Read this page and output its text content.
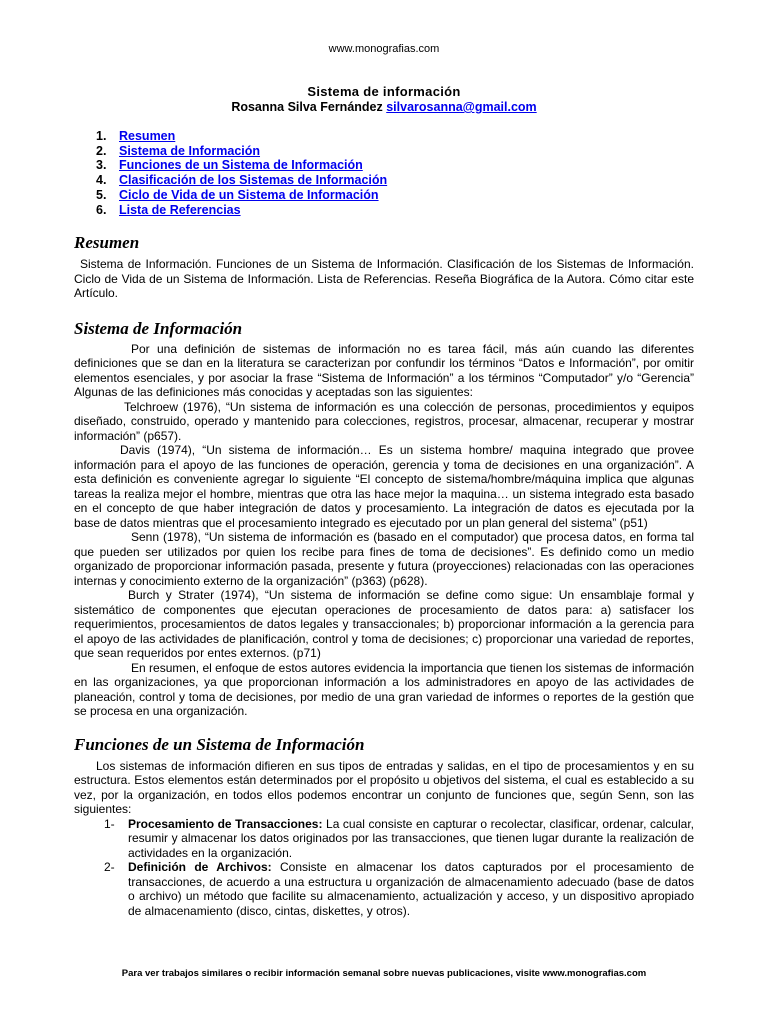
www.monografias.com
Sistema de información
Rosanna Silva Fernández silvarosanna@gmail.com
1.	Resumen
2.	Sistema de Información
3.	Funciones de un Sistema de Información
4.	Clasificación de los Sistemas de Información
5.	Ciclo de Vida de un Sistema de Información
6.	Lista de Referencias
Resumen

Sistema de Información. Funciones de un Sistema de Información. Clasificación de los Sistemas de Información. Ciclo de Vida de un Sistema de Información. Lista de Referencias. Reseña Biográfica de la Autora. Cómo citar este Artículo.

Sistema de Información

Por una definición de sistemas de información no es tarea fácil, más aún cuando las diferentes definiciones que se dan en la literatura se caracterizan por confundir los términos “Datos e Información”, por omitir elementos esenciales, y por asociar la frase “Sistema de Información” a los términos “Computador” y/o “Gerencia” Algunas de las definiciones más conocidas y aceptadas son las siguientes:

Telchroew (1976), “Un sistema de información es una colección de personas, procedimientos y equipos diseñado, construido, operado y mantenido para colecciones, registros, procesar, almacenar, recuperar y mostrar información” (p657).

Davis (1974), “Un sistema de información… Es un sistema hombre/ maquina integrado que provee información para el apoyo de las funciones de operación, gerencia y toma de decisiones en una organización”. A esta definición es conveniente agregar lo siguiente “El concepto de sistema/hombre/máquina implica que algunas tareas la realiza mejor el hombre, mientras que otra las hace mejor la maquina… un sistema integrado esta basado en el concepto de que haber integración de datos y procesamiento. La integración de datos es ejecutada por la base de datos mientras que el procesamiento integrado es ejecutado por un plan general del sistema” (p51)

Senn (1978), “Un sistema de información es (basado en el computador) que procesa datos, en forma tal que pueden ser utilizados por quien los recibe para fines de toma de decisiones”. Es definido como un medio organizado de proporcionar información pasada, presente y futura (proyecciones) relacionadas con las operaciones internas y conocimiento externo de la organización” (p363) (p628).

Burch y Strater (1974), “Un sistema de información se define como sigue: Un ensamblaje formal y sistemático de componentes que ejecutan operaciones de procesamiento de datos para: a) satisfacer los requerimientos, procesamientos de datos legales y transaccionales; b) proporcionar información a la gerencia para el apoyo de las actividades de planificación, control y toma de decisiones; c) proporcionar una variedad de reportes, que sean requeridos por entes externos. (p71)

En resumen, el enfoque de estos autores evidencia la importancia que tienen los sistemas de información en las organizaciones, ya que proporcionan información a los administradores en apoyo de las actividades de planeación, control y toma de decisiones, por medio de una gran variedad de informes o reportes de la gestión que se procesa en una organización.

Funciones de un Sistema de Información

Los sistemas de información difieren en sus tipos de entradas y salidas, en el tipo de procesamientos y en su estructura. Estos elementos están determinados por el propósito u objetivos del sistema, el cual es establecido a su vez, por la organización, en todos ellos podemos encontrar un conjunto de funciones que, según Senn, son las siguientes:

1- Procesamiento de Transacciones: La cual consiste en capturar o recolectar, clasificar, ordenar, calcular, resumir y almacenar los datos originados por las transacciones, que tienen lugar durante la realización de actividades en la organización.
2- Definición de Archivos: Consiste en almacenar los datos capturados por el procesamiento de transacciones, de acuerdo a una estructura u organización de almacenamiento adecuado (base de datos o archivo) un método que facilite su almacenamiento, actualización y acceso, y un dispositivo apropiado de almacenamiento (disco, cintas, diskettes, y otros).
Para ver trabajos similares o recibir información semanal sobre nuevas publicaciones, visite www.monografias.com
